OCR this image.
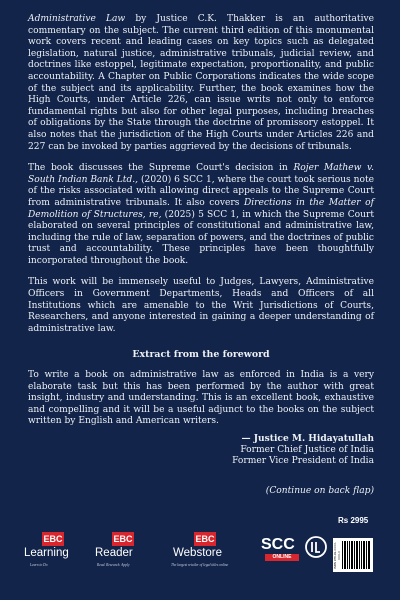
Administrative Law by Justice C.K. Thakker is an authoritative commentary on the subject. The current third edition of this monumental work covers recent and leading cases on key topics such as delegated legislation, natural justice, administrative tribunals, judicial review, and doctrines like estoppel, legitimate expectation, proportionality, and public accountability. A Chapter on Public Corporations indicates the wide scope of the subject and its applicability. Further, the book examines how the High Courts, under Article 226, can issue writs not only to enforce fundamental rights but also for other legal purposes, including breaches of obligations by the State through the doctrine of promissory estoppel. It also notes that the jurisdiction of the High Courts under Articles 226 and 227 can be invoked by parties aggrieved by the decisions of tribunals.

The book discusses the Supreme Court's decision in Rojer Mathew v. South Indian Bank Ltd., (2020) 6 SCC 1, where the court took serious note of the risks associated with allowing direct appeals to the Supreme Court from administrative tribunals. It also covers Directions in the Matter of Demolition of Structures, re, (2025) 5 SCC 1, in which the Supreme Court elaborated on several principles of constitutional and administrative law, including the rule of law, separation of powers, and the doctrines of public trust and accountability. These principles have been thoughtfully incorporated throughout the book.

This work will be immensely useful to Judges, Lawyers, Administrative Officers in Government Departments, Heads and Officers of all Institutions which are amenable to the Writ Jurisdictions of Courts, Researchers, and anyone interested in gaining a deeper understanding of administrative law.

Extract from the foreword

To write a book on administrative law as enforced in India is a very elaborate task but this has been performed by the author with great insight, industry and understanding. This is an excellent book, exhaustive and compelling and it will be a useful adjunct to the books on the subject written by English and American writers.

— Justice M. Hidayatullah
Former Chief Justice of India
Former Vice President of India
(Continue on back flap)
Rs 2995
EBC
Learning
Learn to Do
EBC
Reader
Read. Research. Apply
EBC
Webstore
The largest retailer of legal titles online
SCC
ONLINE	ISBN 978-93-XXXX-XXX-X
